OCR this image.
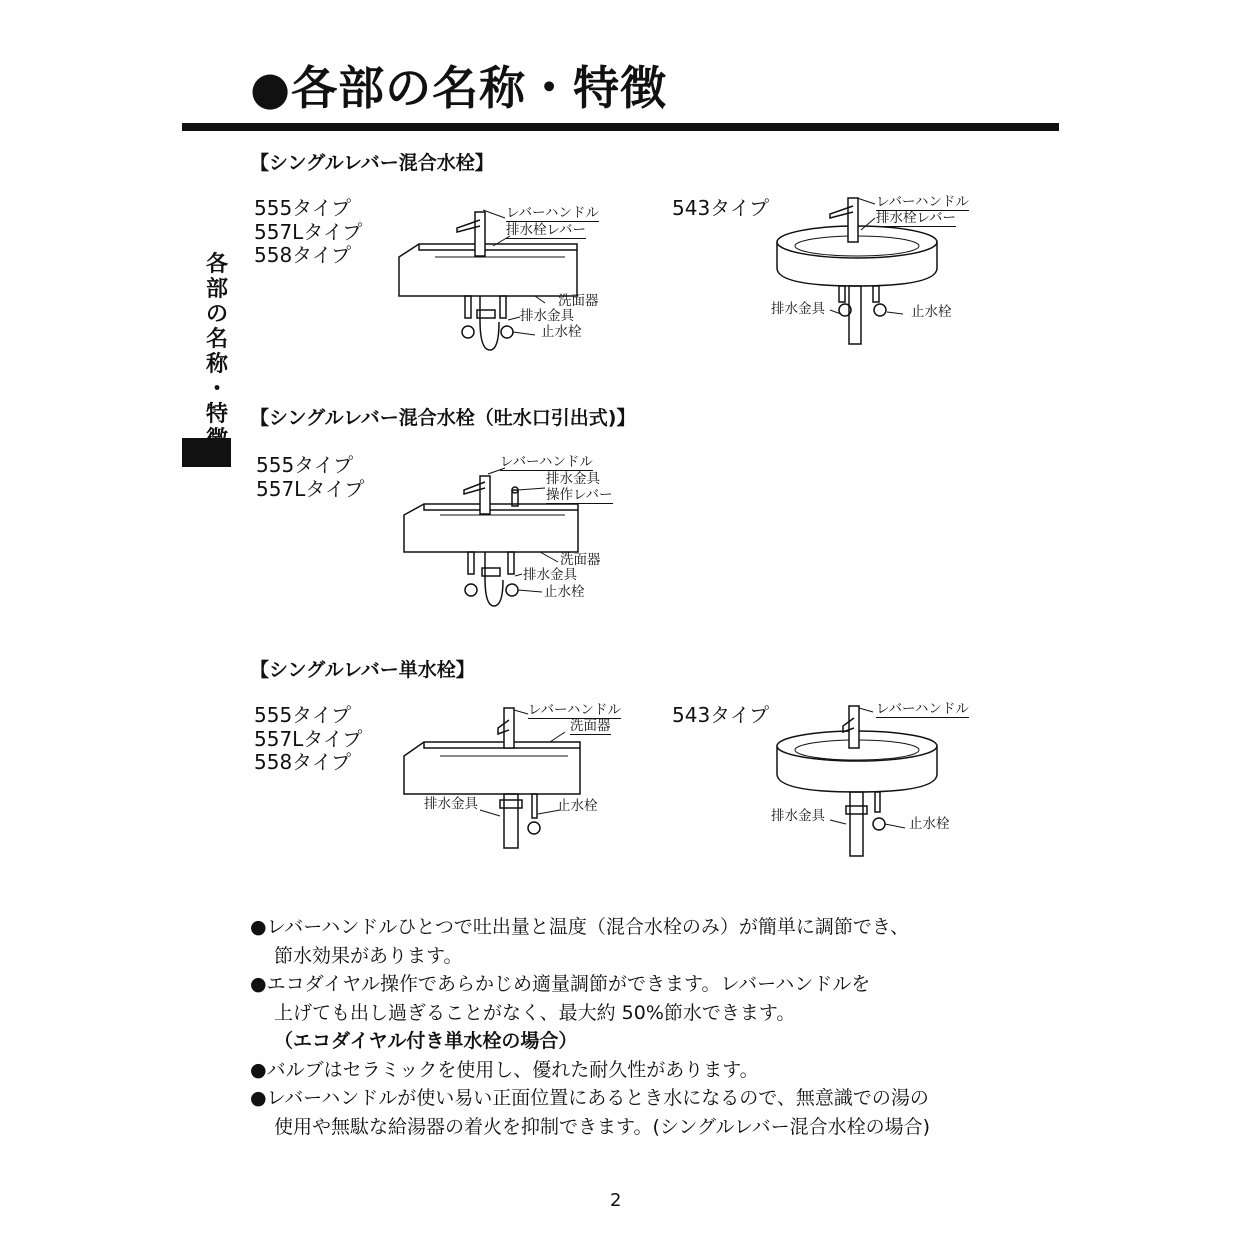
●各部の名称・特徴
各
部
の
名
称
・
特

【シングルレバー混合水栓】
555タイプ
557Lタイプ
558タイプ
543タイプ
レバーハンドル
排水栓レバー
洗面器
排水金具
止水栓
レバーハンドル
排水栓レバー
排水金具	止水栓
【シングルレバー混合水栓（吐水口引出式)】
555タイプ
557Lタイプ
レバーハンドル
排水金具
操作レバー
洗面器
排水金具
止水栓
【シングルレバー単水栓】
555タイプ
557Lタイプ
558タイプ
543タイプ
レバーハンドル
洗面器
排水金具	止水栓
レバーハンドル
排水金具	止水栓
●レバーハンドルひとつで吐出量と温度（混合水栓のみ）が簡単に調節でき、
節水効果があります。
●エコダイヤル操作であらかじめ適量調節ができます。レバーハンドルを
上げても出し過ぎることがなく、最大約 50%節水できます。
（エコダイヤル付き単水栓の場合）
●バルブはセラミックを使用し、優れた耐久性があります。
●レバーハンドルが使い易い正面位置にあるとき水になるので、無意識での湯の
使用や無駄な給湯器の着火を抑制できます。(シングルレバー混合水栓の場合)
2
